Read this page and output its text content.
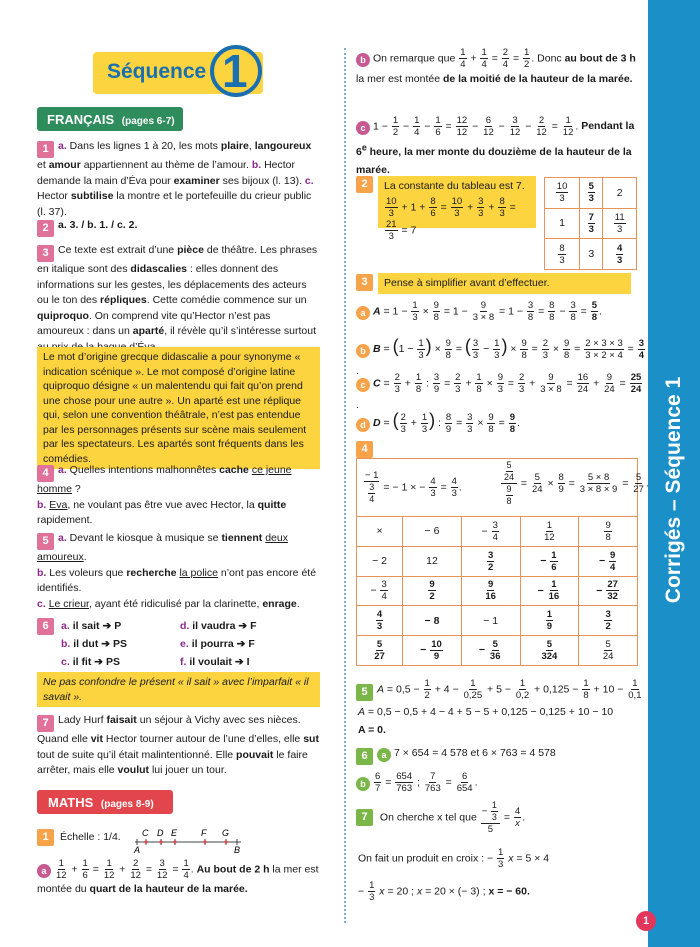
Séquence 1
Corrigés – Séquence 1
1
FRANÇAIS (pages 6-7)
1 a. Dans les lignes 1 à 20, les mots plaire, langoureux et amour appartiennent au thème de l’amour. b. Hector demande la main d’Éva pour examiner ses bijoux (l. 13). c. Hector subtilise la montre et le portefeuille du crieur public (l. 37).
2 a. 3. / b. 1. / c. 2.
3 Ce texte est extrait d’une pièce de théâtre. Les phrases en italique sont des didascalies : elles donnent des informations sur les gestes, les déplacements des acteurs ou le ton des répliques. Cette comédie commence sur un quiproquo. On comprend vite qu’Hector n’est pas amoureux : dans un aparté, il révèle qu’il s’intéresse surtout
Le mot d’origine grecque didascalie a pour synonyme « indication scénique ». Le mot composé d’origine latine quiproquo désigne « un malentendu qui fait qu’on prend une chose pour une autre ». Un aparté est une réplique qui, selon une convention théâtrale, n’est pas entendue par les personnages présents sur scène mais seulement par les spectateurs. Les apartés sont fréquents dans les comédies.
4 a. Quelles intentions malhonnêtes cache ce jeune homme ?
b. Eva, ne voulant pas être vue avec Hector, la quitte rapidement.
5 a. Devant le kiosque à musique se tiennent deux amoureux.
b. Les voleurs que recherche la police n’ont pas encore été identifiés.
c. Le crieur, ayant été ridiculisé par la clarinette, enrage.
6	a. il sait ➔ P
b. il dut ➔ PS
c. il fit ➔ PS
d. il vaudra ➔ F
e. il pourra ➔ F
f. il voulait ➔ I
Ne pas confondre le présent « il sait » avec l’imparfait « il savait ».
7 Lady Hurf faisait un séjour à Vichy avec ses nièces. Quand elle vit Hector tourner autour de l’une d’elles, elle sut tout de suite qu’il était malintentionné. Elle pouvait le faire arrêter, mais elle voulut lui jouer un tour.
MATHS (pages 8-9)
1	Échelle : 1/4. C D E	F G
A	B
a $\frac{1}{12} + \frac{1}{6} = \frac{1}{12} + \frac{2}{12} = \frac{3}{12} = \frac{1}{4}$ . Au bout de 2 h la mer est
montée du quart de la hauteur de la marée.
b On remarque que $\frac{1}{4} + \frac{1}{4} = \frac{2}{4} = \frac{1}{2}$ . Donc au bout de 3 h la mer est montée de la moitié de la hauteur de la marée.
c $1 - \frac{1}{2} - \frac{1}{4} - \frac{1}{6} = \frac{12}{12} - \frac{6}{12} - \frac{3}{12} - \frac{2}{12} = \frac{1}{12}$ . Pendant la 6e heure, la mer monte du douzième de la hauteur de la marée.
2	La constante du tableau est 7.
$\frac{10}{3} + 1 + \frac{8}{6} = \frac{10}{3} + \frac{3}{3} + \frac{8}{3}$ =
$\frac{21}{3} = 7$
$\frac{10}{3}$	$\frac{5}{3}$	2
1	$\frac{7}{3}$	$\frac{11}{3}$

$\frac{8}{3}$	3	$\frac{4}{3}$
3	Pense à simplifier avant d’effectuer.
a $A = 1 - \frac{1}{3} \times \frac{9}{8} = 1 - \frac{9}{3 \times 8} = 1 - \frac{3}{8} = \frac{8}{8} - \frac{3}{8} = \frac{5}{8}$ .
b $B = (1 - \frac{1}{3}$ ) × $\frac{9}{8}$ = ( $\frac{3}{3} - \frac{1}{3}$ ) × $\frac{9}{8} = \frac{2}{3} \times \frac{9}{8} = \frac{2 \times 3 \times 3}{3 \times 2 \times 4} = \frac{3}{4}$
.
c $C = \frac{2}{3} + \frac{1}{8}$ : $\frac{3}{9} = \frac{2}{3} + \frac{1}{8} \times \frac{9}{3} = \frac{2}{3} + \frac{9}{3 \times 8} = \frac{16}{24} + \frac{9}{24} = \frac{25}{24}$
.
d D = ( $\frac{2}{3} + \frac{1}{3}$ ) : $\frac{8}{9} = \frac{3}{3} \times \frac{9}{8} = \frac{9}{8}$ .
4
$\frac{- 1}{\frac{3}{4}}$ = − 1 × − $\frac{4}{3} = \frac{4}{3}$ .	$\frac{\frac{5}{24}}{\frac{9}{8}} = \frac{5}{24} \times \frac{8}{9} = \frac{5 \times 8}{3 \times 8 \times 9} = \frac{5}{27}$ .
×	− 6	− $\frac{3}{4}$	$\frac{1}{12}$	$\frac{9}{8}$

− 2	12	$\frac{3}{2}$	− $\frac{1}{6}$	− $\frac{9}{4}$

− $\frac{3}{4}$	$\frac{9}{2}$	$\frac{9}{16}$	− $\frac{1}{16}$	− $\frac{27}{32}$

$\frac{4}{3}$	− 8	− 1	$\frac{1}{9}$	$\frac{3}{2}$

$\frac{5}{27}$	− $\frac{10}{9}$	− $\frac{5}{36}$	$\frac{5}{324}$	$\frac{5}{24}$
5 $A = 0,5 - \frac{1}{2} + 4 - \frac{1}{0,25} + 5 - \frac{1}{0,2} + 0,125 - \frac{1}{8} + 10 - \frac{1}{0,1}$
A = 0,5 − 0,5 + 4 − 4 + 5 − 5 + 0,125 − 0,125 + 10 − 10
A = 0.
6 a 7 × 654 = 4 578 et 6 × 763 = 4 578
b $\frac{6}{7} = \frac{654}{763}$ ; $\frac{7}{763} = \frac{6}{654}$ .
7 On cherche x tel que $\frac{- \frac{1}{3}}{5} = \frac{4}{x}$ .
On fait un produit en croix : − $\frac{1}{3}$ x = 5 × 4
− $\frac{1}{3}$ x = 20 ; x = 20 × (− 3) ; x = − 60.
